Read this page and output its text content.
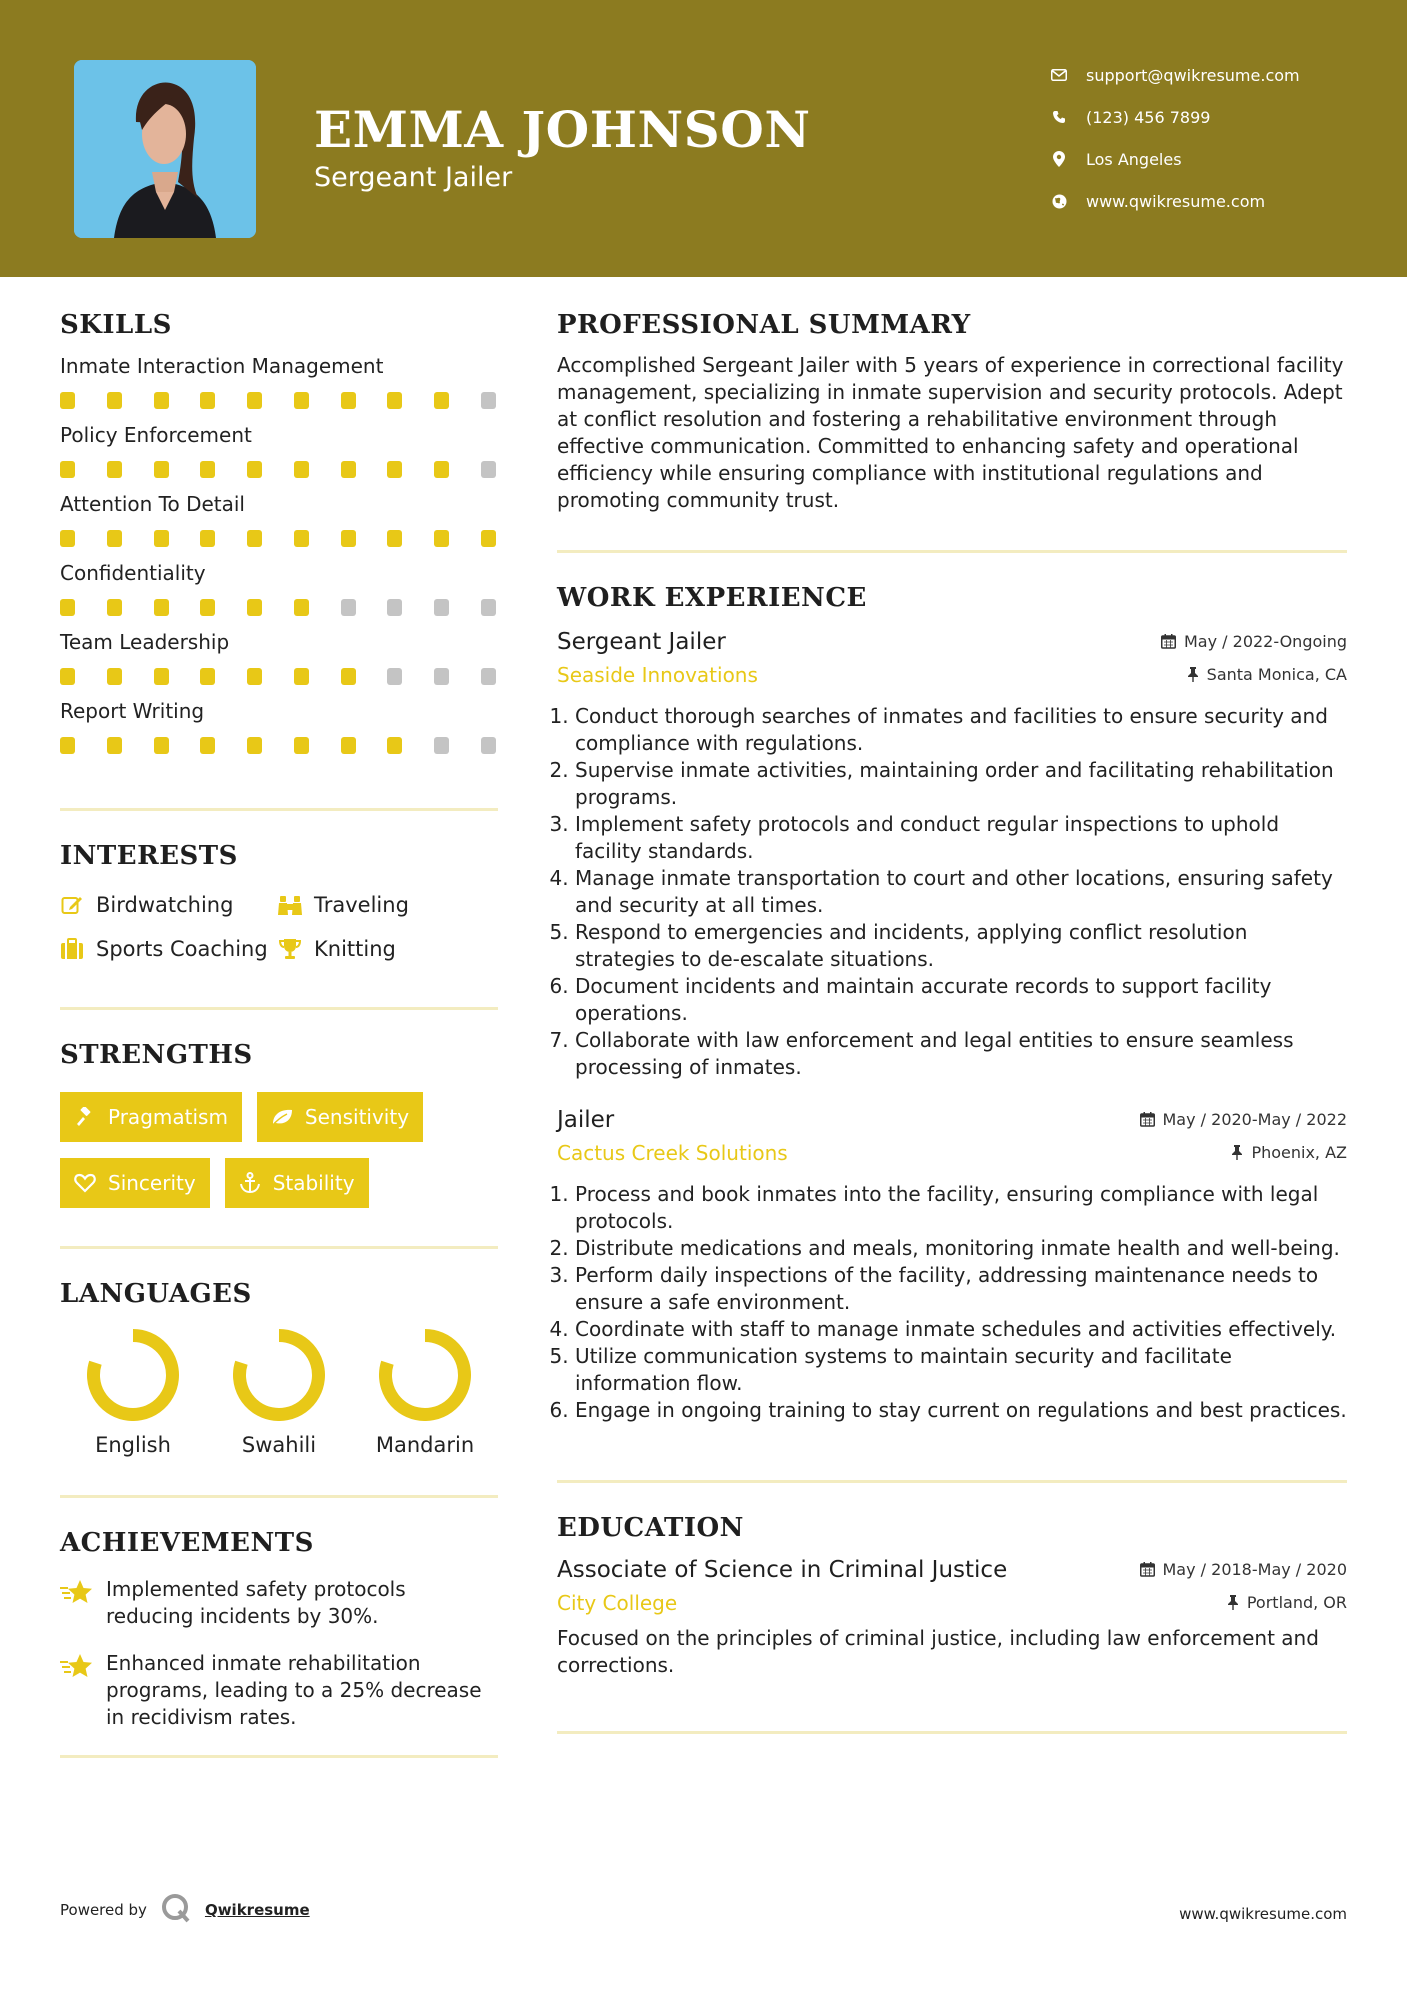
EMMA JOHNSON
Sergeant Jailer
support@qwikresume.com
(123) 456 7899
Los Angeles
www.qwikresume.com
SKILLS
Inmate Interaction Management
Policy Enforcement
Attention To Detail
Confidentiality
Team Leadership
Report Writing
INTERESTS
Birdwatching	Traveling
Sports Coaching Knitting
STRENGTHS
Pragmatism	Sensitivity
Sincerity	Stability
LANGUAGES
English	Swahili	Mandarin
ACHIEVEMENTS
Implemented safety protocols reducing incidents by 30%.
Enhanced inmate rehabilitation programs, leading to a 25% decrease in recidivism rates.
PROFESSIONAL SUMMARY
Accomplished Sergeant Jailer with 5 years of experience in correctional facility management, specializing in inmate supervision and security protocols. Adept at conflict resolution and fostering a rehabilitative environment through effective communication. Committed to enhancing safety and operational efficiency while ensuring compliance with institutional regulations and promoting community trust.
WORK EXPERIENCE
Sergeant Jailer	May / 2022-Ongoing
Seaside Innovations	Santa Monica, CA
1. Conduct thorough searches of inmates and facilities to ensure security and compliance with regulations.
2. Supervise inmate activities, maintaining order and facilitating rehabilitation programs.
3. Implement safety protocols and conduct regular inspections to uphold facility standards.
4. Manage inmate transportation to court and other locations, ensuring safety and security at all times.
5. Respond to emergencies and incidents, applying conflict resolution strategies to de-escalate situations.
6. Document incidents and maintain accurate records to support facility operations.
7. Collaborate with law enforcement and legal entities to ensure seamless processing of inmates.
Jailer	May / 2020-May / 2022
Cactus Creek Solutions	Phoenix, AZ
1. Process and book inmates into the facility, ensuring compliance with legal protocols.
2. Distribute medications and meals, monitoring inmate health and well-being.
3. Perform daily inspections of the facility, addressing maintenance needs to ensure a safe environment.
4. Coordinate with staff to manage inmate schedules and activities effectively.
5. Utilize communication systems to maintain security and facilitate information flow.
6. Engage in ongoing training to stay current on regulations and best practices.
EDUCATION
Associate of Science in Criminal Justice	May / 2018-May / 2020
City College	Portland, OR
Focused on the principles of criminal justice, including law enforcement and corrections.
Powered by	Qwikresume	www.qwikresume.com
